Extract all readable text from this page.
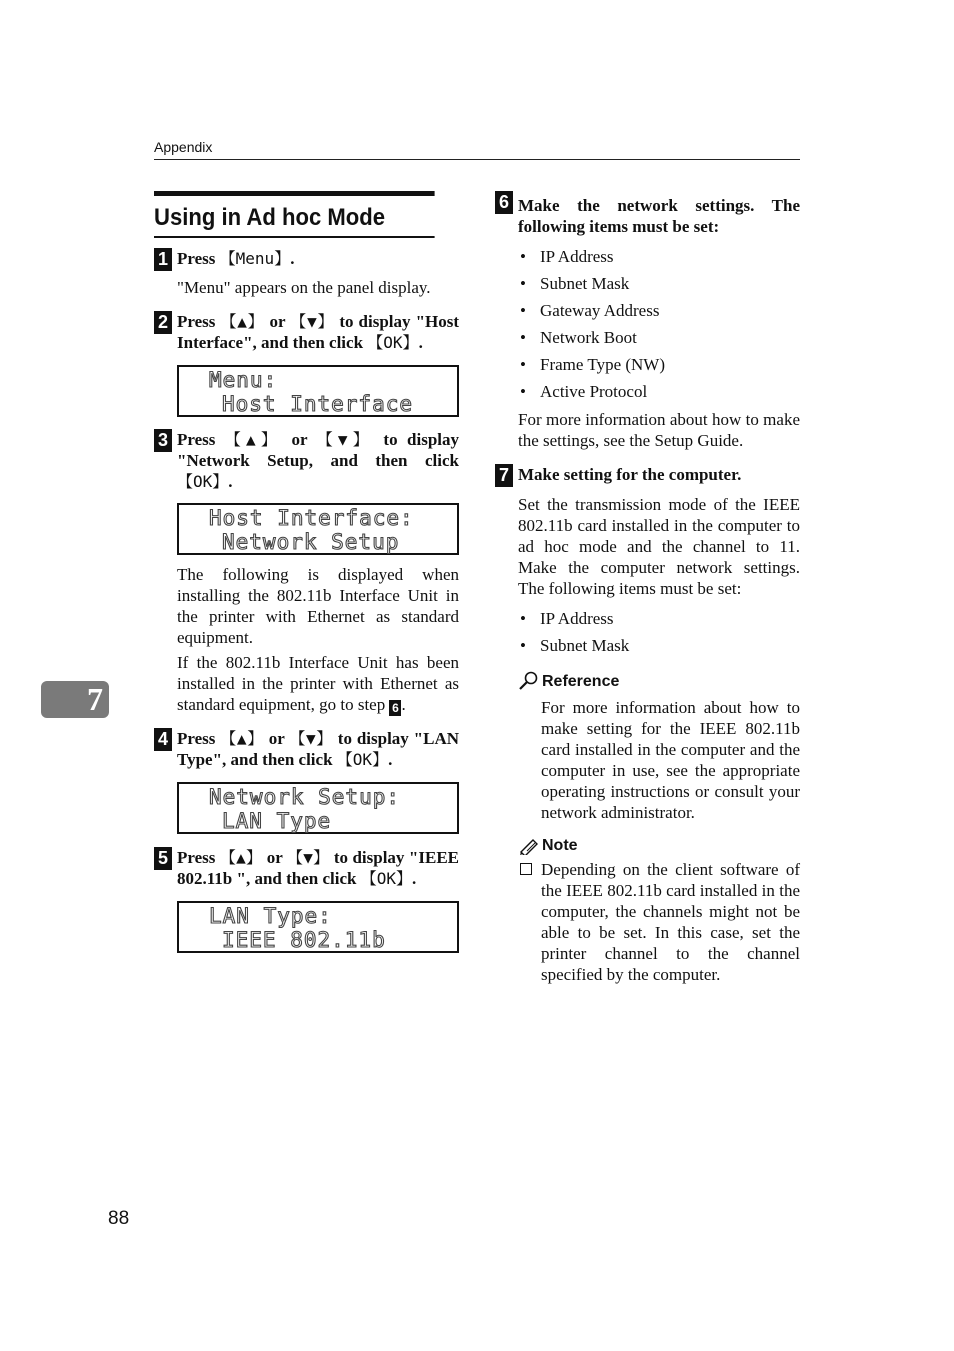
Appendix
7
Using in Ad hoc Mode
1 Press 【Menu】.
"Menu" appears on the panel display.
2 Press 【▲】 or 【▼】 to display "Host Interface", and then click 【OK】.
Menu:
Host Interface
3 Press 【▲】 or 【▼】 to display "Network Setup, and then click 【OK】.
Host Interface:
Network Setup
The following is displayed when installing the 802.11b Interface Unit in the printer with Ethernet as standard equipment.
If the 802.11b Interface Unit has been installed in the printer with Ethernet as standard equipment, go to step 6 .
4 Press 【▲】 or 【▼】 to display "LAN Type", and then click 【OK】.
Network Setup:
LAN Type
5 Press 【▲】 or 【▼】 to display "IEEE 802.11b ", and then click 【OK】.
LAN Type:
IEEE 802.11b
6 Make the network settings. The following items must be set:
• IP Address
• Subnet Mask
• Gateway Address
• Network Boot
• Frame Type (NW)
• Active Protocol
For more information about how to make the settings, see the Setup Guide.
7 Make setting for the computer.
Set the transmission mode of the IEEE 802.11b card installed in the computer to ad hoc mode and the channel to 11. Make the computer network settings. The following items must be set:
• IP Address
• Subnet Mask
Reference
For more information about how to make setting for the IEEE 802.11b card installed in the computer and the computer in use, see the appropriate operating instructions or consult your network administrator.
Note
Depending on the client software of the IEEE 802.11b card installed in the computer, the channels might not be able to be set. In this case, set the printer channel to the channel specified by the computer.
88
